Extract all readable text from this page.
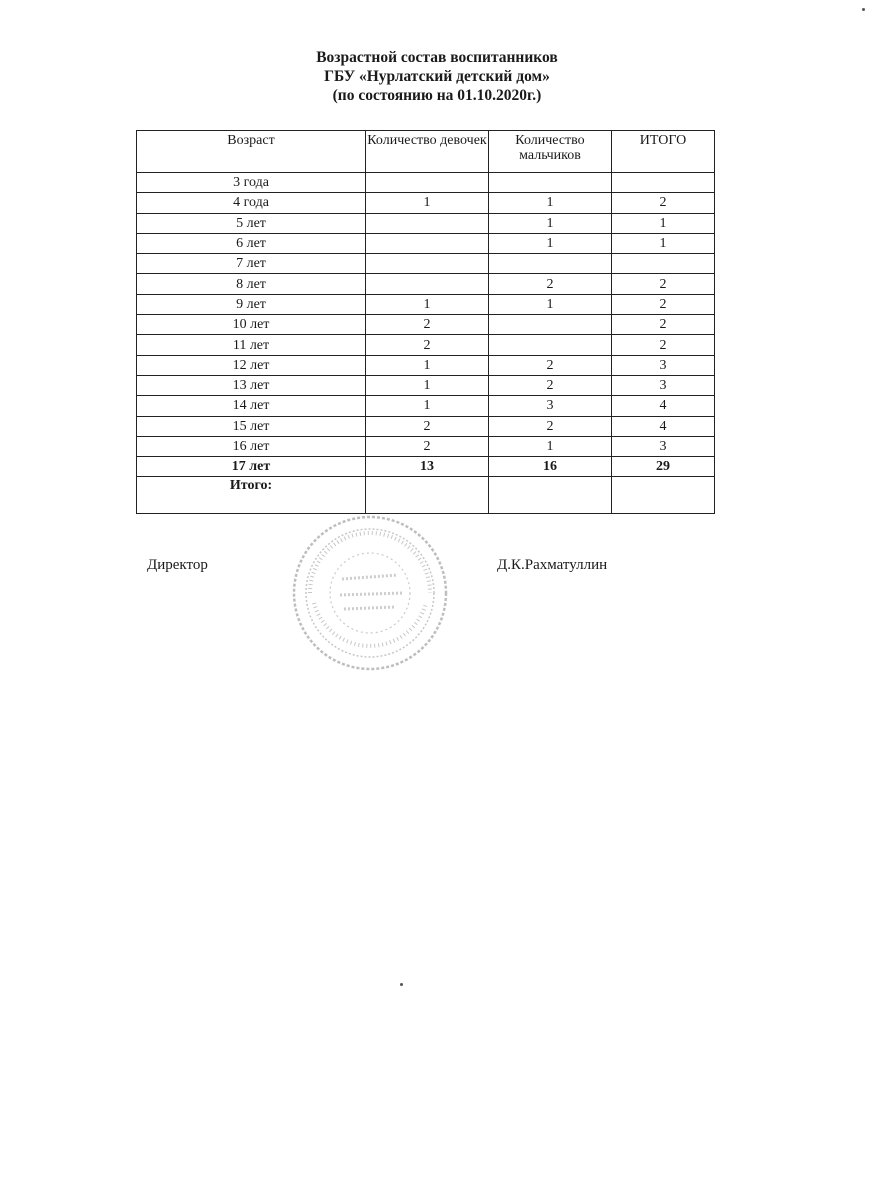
Возрастной состав воспитанников
ГБУ «Нурлатский детский дом»
(по состоянию на 01.10.2020г.)
Возраст	Количество девочек	Количество мальчиков	ИТОГО
3 года			
4 года	1	1	2
5 лет		1	1
6 лет		1	1
7 лет			
8 лет		2	2
9 лет	1	1	2
10 лет	2		2
11 лет	2		2
12 лет	1	2	3
13 лет	1	2	3
14 лет	1	3	4
15 лет	2	2	4
16 лет	2	1	3
17 лет	13	16	29
Итого:			
Директор	Д.К.Рахматуллин
